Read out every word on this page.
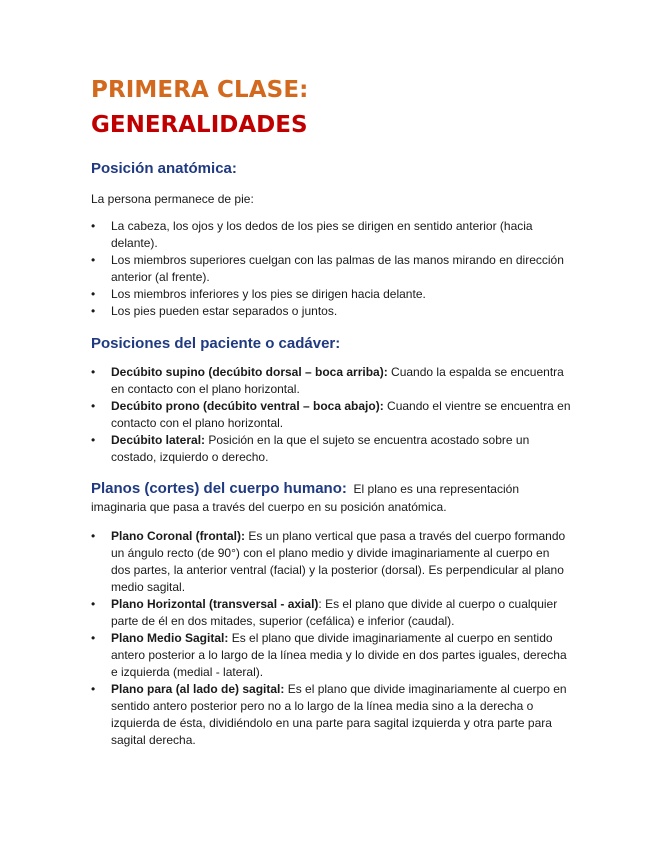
PRIMERA CLASE:
GENERALIDADES
Posición anatómica:

La persona permanece de pie:

• La cabeza, los ojos y los dedos de los pies se dirigen en sentido anterior (hacia delante).
• Los miembros superiores cuelgan con las palmas de las manos mirando en dirección anterior (al frente).
• Los miembros inferiores y los pies se dirigen hacia delante.
• Los pies pueden estar separados o juntos.
Posiciones del paciente o cadáver:
• Decúbito supino (decúbito dorsal – boca arriba): Cuando la espalda se encuentra en contacto con el plano horizontal.
• Decúbito prono (decúbito ventral – boca abajo): Cuando el vientre se encuentra en contacto con el plano horizontal.
• Decúbito lateral: Posición en la que el sujeto se encuentra acostado sobre un costado, izquierdo o derecho.

Planos (cortes) del cuerpo humano:  El plano es una representación imaginaria que pasa a través del cuerpo en su posición anatómica.

• Plano Coronal (frontal): Es un plano vertical que pasa a través del cuerpo formando un ángulo recto (de 90°) con el plano medio y divide imaginariamente al cuerpo en dos partes, la anterior ventral (facial) y la posterior (dorsal). Es perpendicular al plano medio sagital.
• Plano Horizontal (transversal - axial): Es el plano que divide al cuerpo o cualquier parte de él en dos mitades, superior (cefálica) e inferior (caudal).
• Plano Medio Sagital: Es el plano que divide imaginariamente al cuerpo en sentido antero posterior a lo largo de la línea media y lo divide en dos partes iguales, derecha e izquierda (medial - lateral).
• Plano para (al lado de) sagital: Es el plano que divide imaginariamente al cuerpo en sentido antero posterior pero no a lo largo de la línea media sino a la derecha o izquierda de ésta, dividiéndolo en una parte para sagital izquierda y otra parte para sagital derecha.
